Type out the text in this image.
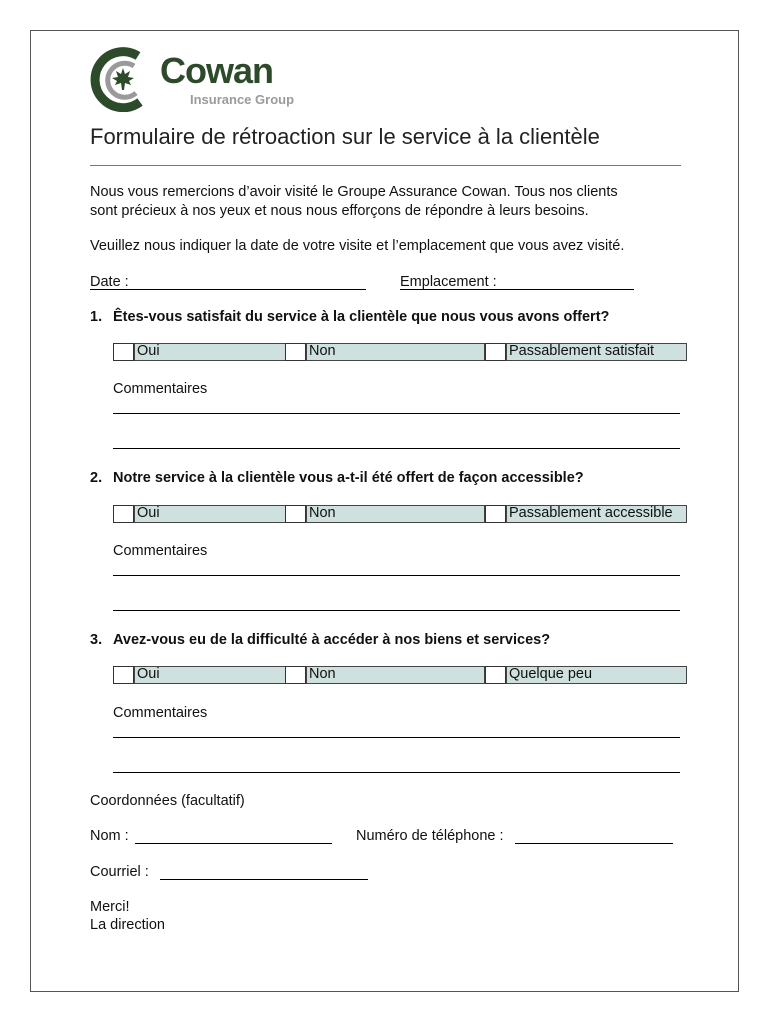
Cowan
Insurance Group
Formulaire de rétroaction sur le service à la clientèle
Nous vous remercions d’avoir visité le Groupe Assurance Cowan. Tous nos clients
sont précieux à nos yeux et nous nous efforçons de répondre à leurs besoins.
Veuillez nous indiquer la date de votre visite et l’emplacement que vous avez visité.
Date :	Emplacement :
1. Êtes-vous satisfait du service à la clientèle que nous vous avons offert?
Oui	Non	Passablement satisfait
Commentaires
2. Notre service à la clientèle vous a-t-il été offert de façon accessible?
Oui	Non	Passablement accessible
Commentaires
3. Avez-vous eu de la difficulté à accéder à nos biens et services?
Oui	Non	Quelque peu
Commentaires
Coordonnées (facultatif)
Nom :	Numéro de téléphone :
Courriel :
Merci!
La direction
